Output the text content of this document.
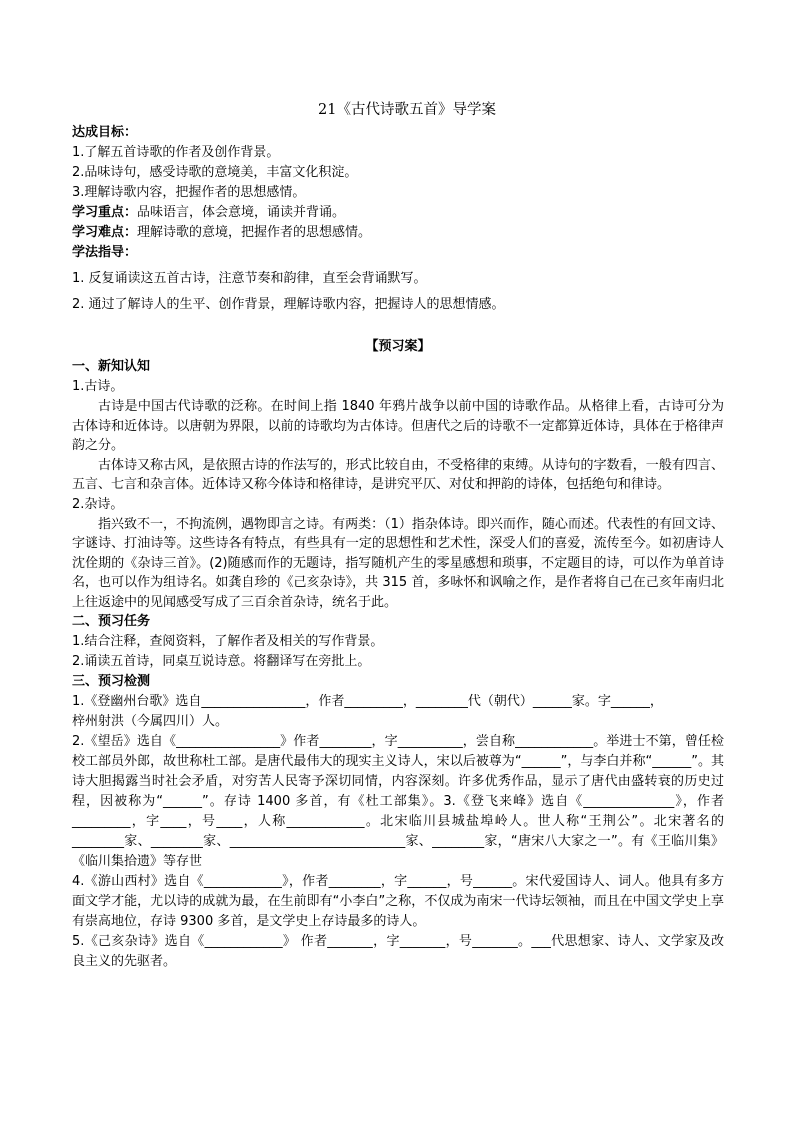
21《古代诗歌五首》导学案

达成目标：

1.了解五首诗歌的作者及创作背景。

2.品味诗句，感受诗歌的意境美，丰富文化积淀。

3.理解诗歌内容，把握作者的思想感情。

学习重点：品味语言，体会意境，诵读并背诵。

学习难点：理解诗歌的意境，把握作者的思想感情。

学法指导：

1. 反复诵读这五首古诗，注意节奏和韵律，直至会背诵默写。

2. 通过了解诗人的生平、创作背景，理解诗歌内容，把握诗人的思想情感。

【预习案】

一、新知认知

1.古诗。

古诗是中国古代诗歌的泛称。在时间上指 1840 年鸦片战争以前中国的诗歌作品。从格律上看，古诗可分为古体诗和近体诗。以唐朝为界限，以前的诗歌均为古体诗。但唐代之后的诗歌不一定都算近体诗，具体在于格律声韵之分。

古体诗又称古风，是依照古诗的作法写的，形式比较自由，不受格律的束缚。从诗句的字数看，一般有四言、五言、七言和杂言体。近体诗又称今体诗和格律诗，是讲究平仄、对仗和押韵的诗体，包括绝句和律诗。

2.杂诗。

指兴致不一，不拘流例，遇物即言之诗。有两类：（1）指杂体诗。即兴而作，随心而述。代表性的有回文诗、字谜诗、打油诗等。这些诗各有特点，有些具有一定的思想性和艺术性，深受人们的喜爱，流传至今。如初唐诗人沈佺期的《杂诗三首》。(2)随感而作的无题诗，指写随机产生的零星感想和琐事，不定题目的诗，可以作为单首诗名，也可以作为组诗名。如龚自珍的《己亥杂诗》，共 315 首，多咏怀和讽喻之作，是作者将自己在己亥年南归北上往返途中的见闻感受写成了三百余首杂诗，统名于此。

二、预习任务

1.结合注释，查阅资料，了解作者及相关的写作背景。

2.诵读五首诗，同桌互说诗意。将翻译写在旁批上。

三、预习检测

1.《登幽州台歌》选自________________，作者_________，________代（朝代）______家。字______，

梓州射洪（今属四川）人。

2.《望岳》选自《________________》作者________，字__________，尝自称____________。举进士不第，曾任检校工部员外郎，故世称杜工部。是唐代最伟大的现实主义诗人，宋以后被尊为“______”，与李白并称“______”。其诗大胆揭露当时社会矛盾，对穷苦人民寄予深切同情，内容深刻。许多优秀作品，显示了唐代由盛转衰的历史过程，因被称为“______”。存诗 1400 多首，有《杜工部集》。3.《登飞来峰》选自《______________》，作者_________，字____，号____，人称____________。北宋临川县城盐埠岭人。世人称“王荆公”。北宋著名的________家、________家、___________________________家、________家，“唐宋八大家之一”。有《王临川集》《临川集拾遗》等存世

4.《游山西村》选自《____________》，作者________，字______，号______。宋代爱国诗人、词人。他具有多方面文学才能，尤以诗的成就为最，在生前即有“小李白”之称，不仅成为南宋一代诗坛领袖，而且在中国文学史上享有崇高地位，存诗 9300 多首，是文学史上存诗最多的诗人。

5.《己亥杂诗》选自《____________》 作者_______，字_______，号_______。___代思想家、诗人、文学家及改良主义的先驱者。
